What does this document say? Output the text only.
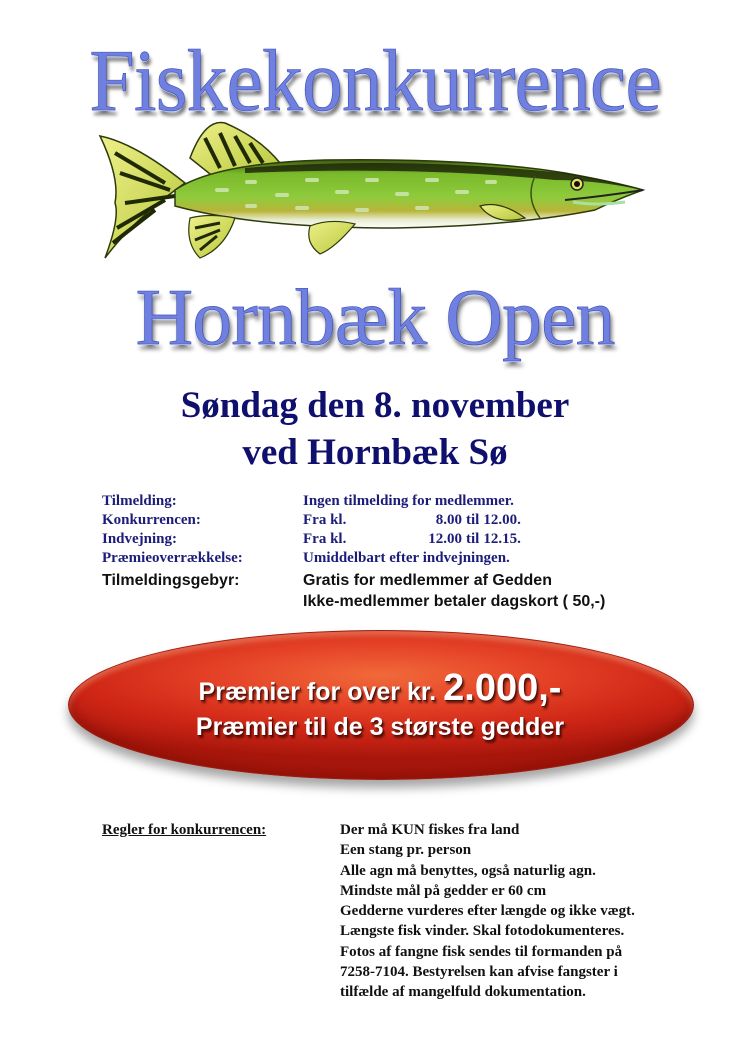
Fiskekonkurrence
Hornbæk Open
Søndag den 8. november
ved Hornbæk Sø
Tilmelding:	Ingen tilmelding for medlemmer.
Konkurrencen:	Fra kl.	8.00 til 12.00.
Indvejning:	Fra kl.	12.00 til 12.15.
Præmieoverrækkelse:	Umiddelbart efter indvejningen.
Tilmeldingsgebyr:	Gratis for medlemmer af Gedden
Ikke-medlemmer betaler dagskort ( 50,-)
Præmier for over kr. 2.000,-
Præmier til de 3 største gedder
Regler for konkurrencen:	Der må KUN fiskes fra land
Een stang pr. person
Alle agn må benyttes, også naturlig agn.
Mindste mål på gedder er 60 cm
Gedderne vurderes efter længde og ikke vægt.
Længste fisk vinder. Skal fotodokumenteres.
Fotos af fangne fisk sendes til formanden på
7258-7104. Bestyrelsen kan afvise fangster i
tilfælde af mangelfuld dokumentation.
